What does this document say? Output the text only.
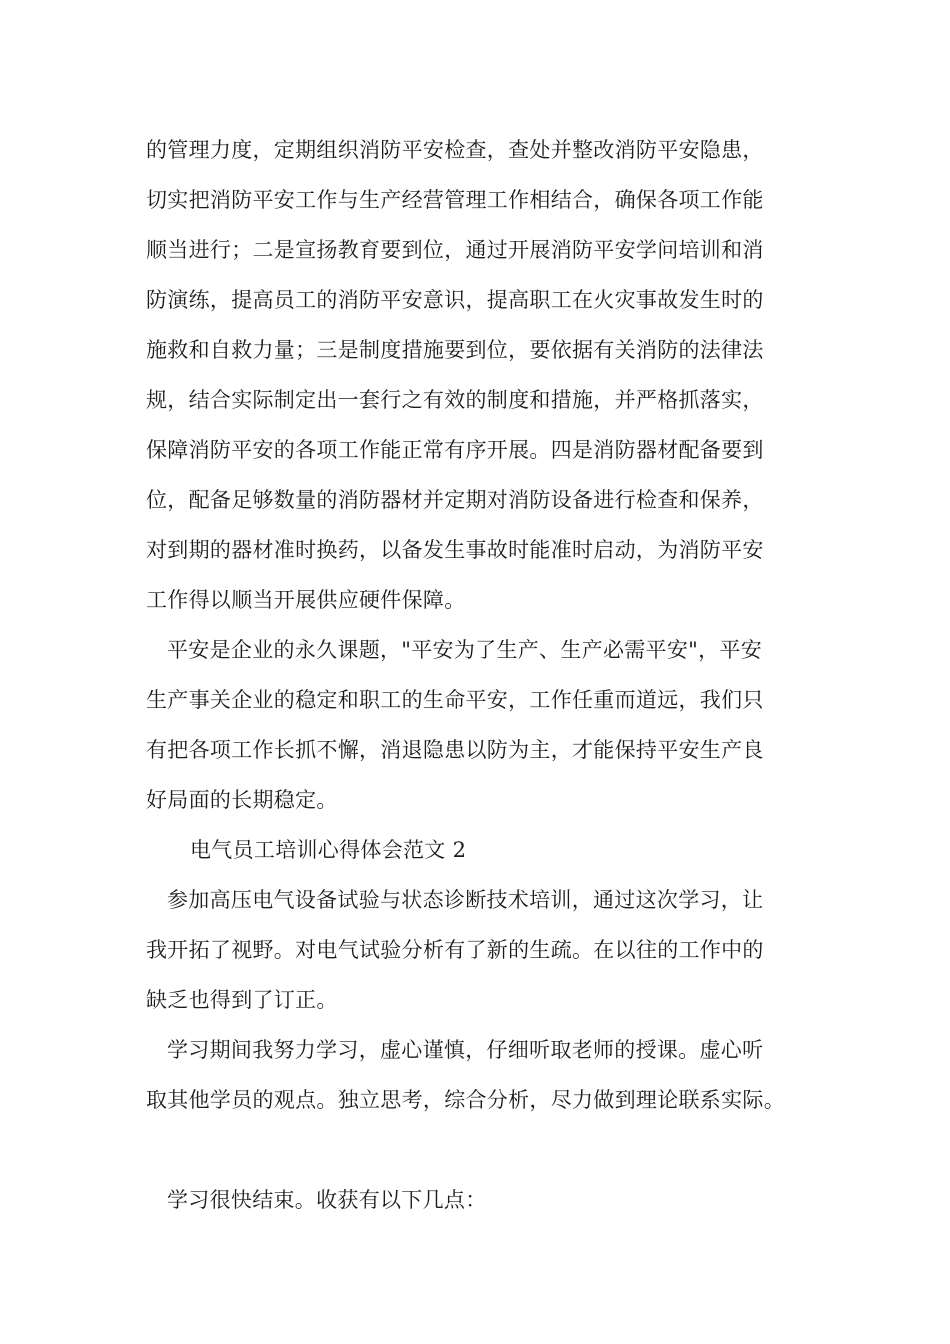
的管理力度，定期组织消防平安检查，查处并整改消防平安隐患，
切实把消防平安工作与生产经营管理工作相结合，确保各项工作能
顺当进行；二是宣扬教育要到位，通过开展消防平安学问培训和消
防演练，提高员工的消防平安意识，提高职工在火灾事故发生时的
施救和自救力量；三是制度措施要到位，要依据有关消防的法律法
规，结合实际制定出一套行之有效的制度和措施，并严格抓落实，
保障消防平安的各项工作能正常有序开展。四是消防器材配备要到
位，配备足够数量的消防器材并定期对消防设备进行检查和保养，
对到期的器材准时换药，以备发生事故时能准时启动，为消防平安
工作得以顺当开展供应硬件保障。
平安是企业的永久课题，"平安为了生产、生产必需平安"，平安
生产事关企业的稳定和职工的生命平安，工作任重而道远，我们只
有把各项工作长抓不懈，消退隐患以防为主，才能保持平安生产良
好局面的长期稳定。
电气员工培训心得体会范文 2
参加高压电气设备试验与状态诊断技术培训，通过这次学习，让
我开拓了视野。对电气试验分析有了新的生疏。在以往的工作中的
缺乏也得到了订正。
学习期间我努力学习，虚心谨慎，仔细听取老师的授课。虚心听
取其他学员的观点。独立思考，综合分析，尽力做到理论联系实际。
学习很快结束。收获有以下几点：
